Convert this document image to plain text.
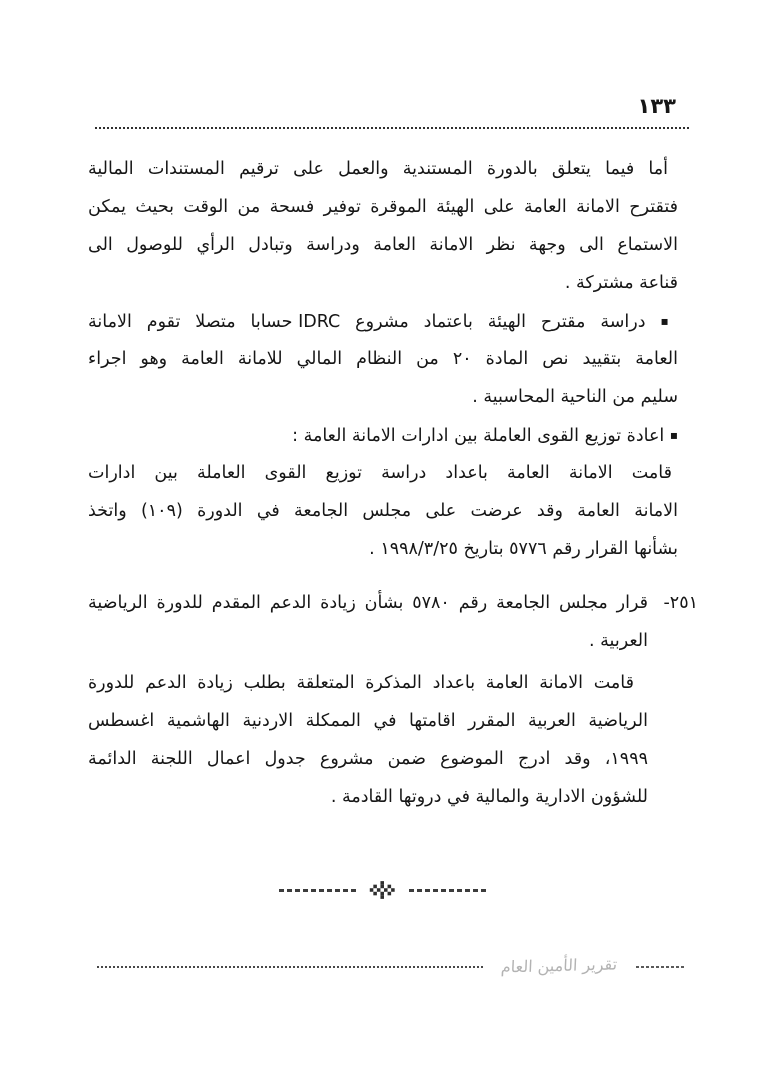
١٣٣
أما فيما يتعلق بالدورة المستندية والعمل على ترقيم المستندات المالية
فتقترح الامانة العامة على الهيئة الموقرة توفير فسحة من الوقت بحيث يمكن
الاستماع الى وجهة نظر الامانة العامة ودراسة وتبادل الرأي للوصول الى
قناعة مشتركة .
▪ دراسة مقترح الهيئة باعتماد مشروع IDRC حسابا متصلا تقوم الامانة
العامة بتقييد نص المادة ٢٠ من النظام المالي للامانة العامة وهو اجراء
سليم من الناحية المحاسبية .
▪ اعادة توزيع القوى العاملة بين ادارات الامانة العامة :
قامت الامانة العامة باعداد دراسة توزيع القوى العاملة بين ادارات
الامانة العامة وقد عرضت على مجلس الجامعة في الدورة (١٠٩) واتخذ
بشأنها القرار رقم ٥٧٧٦ بتاريخ ١٩٩٨/٣/٢٥ .
٢٥١-
قرار مجلس الجامعة رقم ٥٧٨٠ بشأن زيادة الدعم المقدم للدورة الرياضية
العربية .
قامت الامانة العامة باعداد المذكرة المتعلقة بطلب زيادة الدعم للدورة
الرياضية العربية المقرر اقامتها في الممكلة الاردنية الهاشمية اغسطس
١٩٩٩، وقد ادرج الموضوع ضمن مشروع جدول اعمال اللجنة الدائمة
للشؤون الادارية والمالية في دروتها القادمة .
تقرير الأمين العام
